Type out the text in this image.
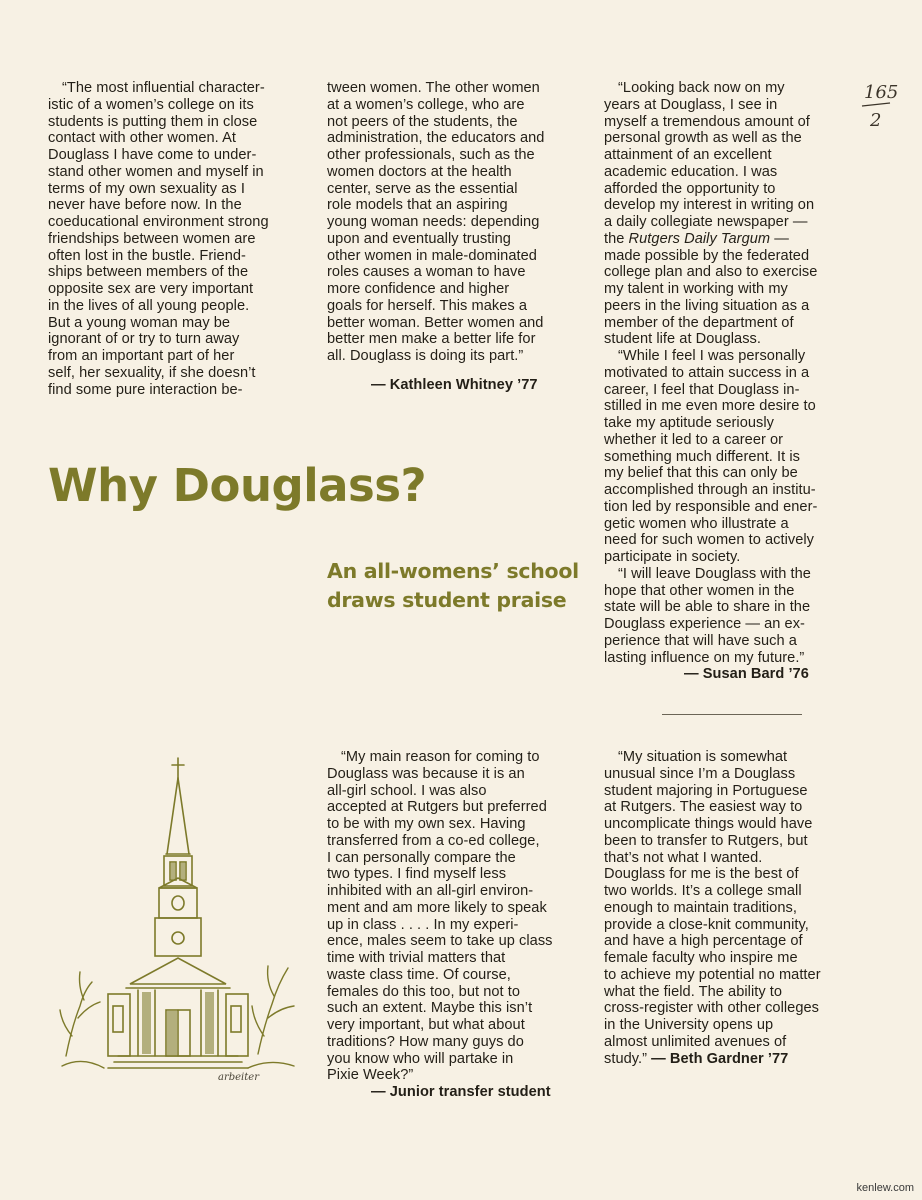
“The most influential character-
istic of a women’s college on its
students is putting them in close
contact with other women. At
Douglass I have come to under-
stand other women and myself in
terms of my own sexuality as I
never have before now. In the
coeducational environment strong
friendships between women are
often lost in the bustle. Friend-
ships between members of the
opposite sex are very important
in the lives of all young people.
But a young woman may be
ignorant of or try to turn away
from an important part of her
self, her sexuality, if she doesn’t
find some pure interaction be-
tween women. The other women
at a women’s college, who are
not peers of the students, the
administration, the educators and
other professionals, such as the
women doctors at the health
center, serve as the essential
role models that an aspiring
young woman needs: depending
upon and eventually trusting
other women in male-dominated
roles causes a woman to have
more confidence and higher
goals for herself. This makes a
better woman. Better women and
better men make a better life for
all. Douglass is doing its part.”
— Kathleen Whitney ’77
“Looking back now on my
years at Douglass, I see in
myself a tremendous amount of
personal growth as well as the
attainment of an excellent
academic education. I was
afforded the opportunity to
develop my interest in writing on
a daily collegiate newspaper —
the Rutgers Daily Targum —
made possible by the federated
college plan and also to exercise
my talent in working with my
peers in the living situation as a
member of the department of
student life at Douglass.
“While I feel I was personally
motivated to attain success in a
career, I feel that Douglass in-
stilled in me even more desire to
take my aptitude seriously
whether it led to a career or
something much different. It is
my belief that this can only be
accomplished through an institu-
tion led by responsible and ener-
getic women who illustrate a
need for such women to actively
participate in society.
“I will leave Douglass with the
hope that other women in the
state will be able to share in the
Douglass experience — an ex-
perience that will have such a
lasting influence on my future.”
— Susan Bard ’76
Why Douglass?
An all-womens’ school
draws student praise
165
2
arbeiter
“My main reason for coming to
Douglass was because it is an
all-girl school. I was also
accepted at Rutgers but preferred
to be with my own sex. Having
transferred from a co-ed college,
I can personally compare the
two types. I find myself less
inhibited with an all-girl environ-
ment and am more likely to speak
up in class . . . . In my experi-
ence, males seem to take up class
time with trivial matters that
waste class time. Of course,
females do this too, but not to
such an extent. Maybe this isn’t
very important, but what about
traditions? How many guys do
you know who will partake in
Pixie Week?”
— Junior transfer student
“My situation is somewhat
unusual since I’m a Douglass
student majoring in Portuguese
at Rutgers. The easiest way to
uncomplicate things would have
been to transfer to Rutgers, but
that’s not what I wanted.
Douglass for me is the best of
two worlds. It’s a college small
enough to maintain traditions,
provide a close-knit community,
and have a high percentage of
female faculty who inspire me
to achieve my potential no matter
what the field. The ability to
cross-register with other colleges
in the University opens up
almost unlimited avenues of
study.” — Beth Gardner ’77
kenlew.com
